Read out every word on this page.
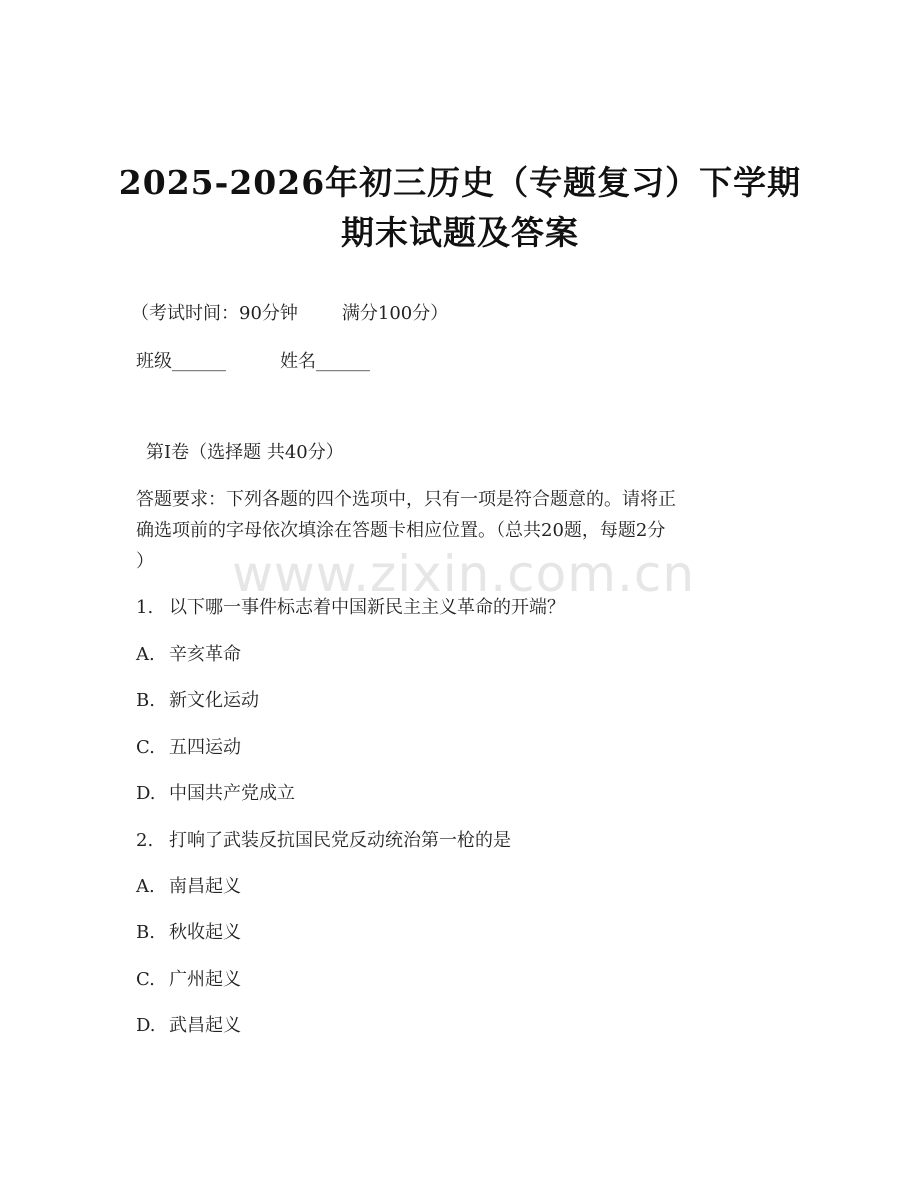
2025-2026年初三历史（专题复习）下学期
期末试题及答案
（考试时间：90分钟 满分100分）
班级______	姓名______
第Ⅰ卷（选择题 共40分）
答题要求：下列各题的四个选项中，只有一项是符合题意的。请将正
确选项前的字母依次填涂在答题卡相应位置。（总共20题，每题2分
） www.zixin.com.cn
1. 以下哪一事件标志着中国新民主主义革命的开端？
A. 辛亥革命
B. 新文化运动
C. 五四运动
D. 中国共产党成立
2. 打响了武装反抗国民党反动统治第一枪的是
A. 南昌起义
B. 秋收起义
C. 广州起义
D. 武昌起义
